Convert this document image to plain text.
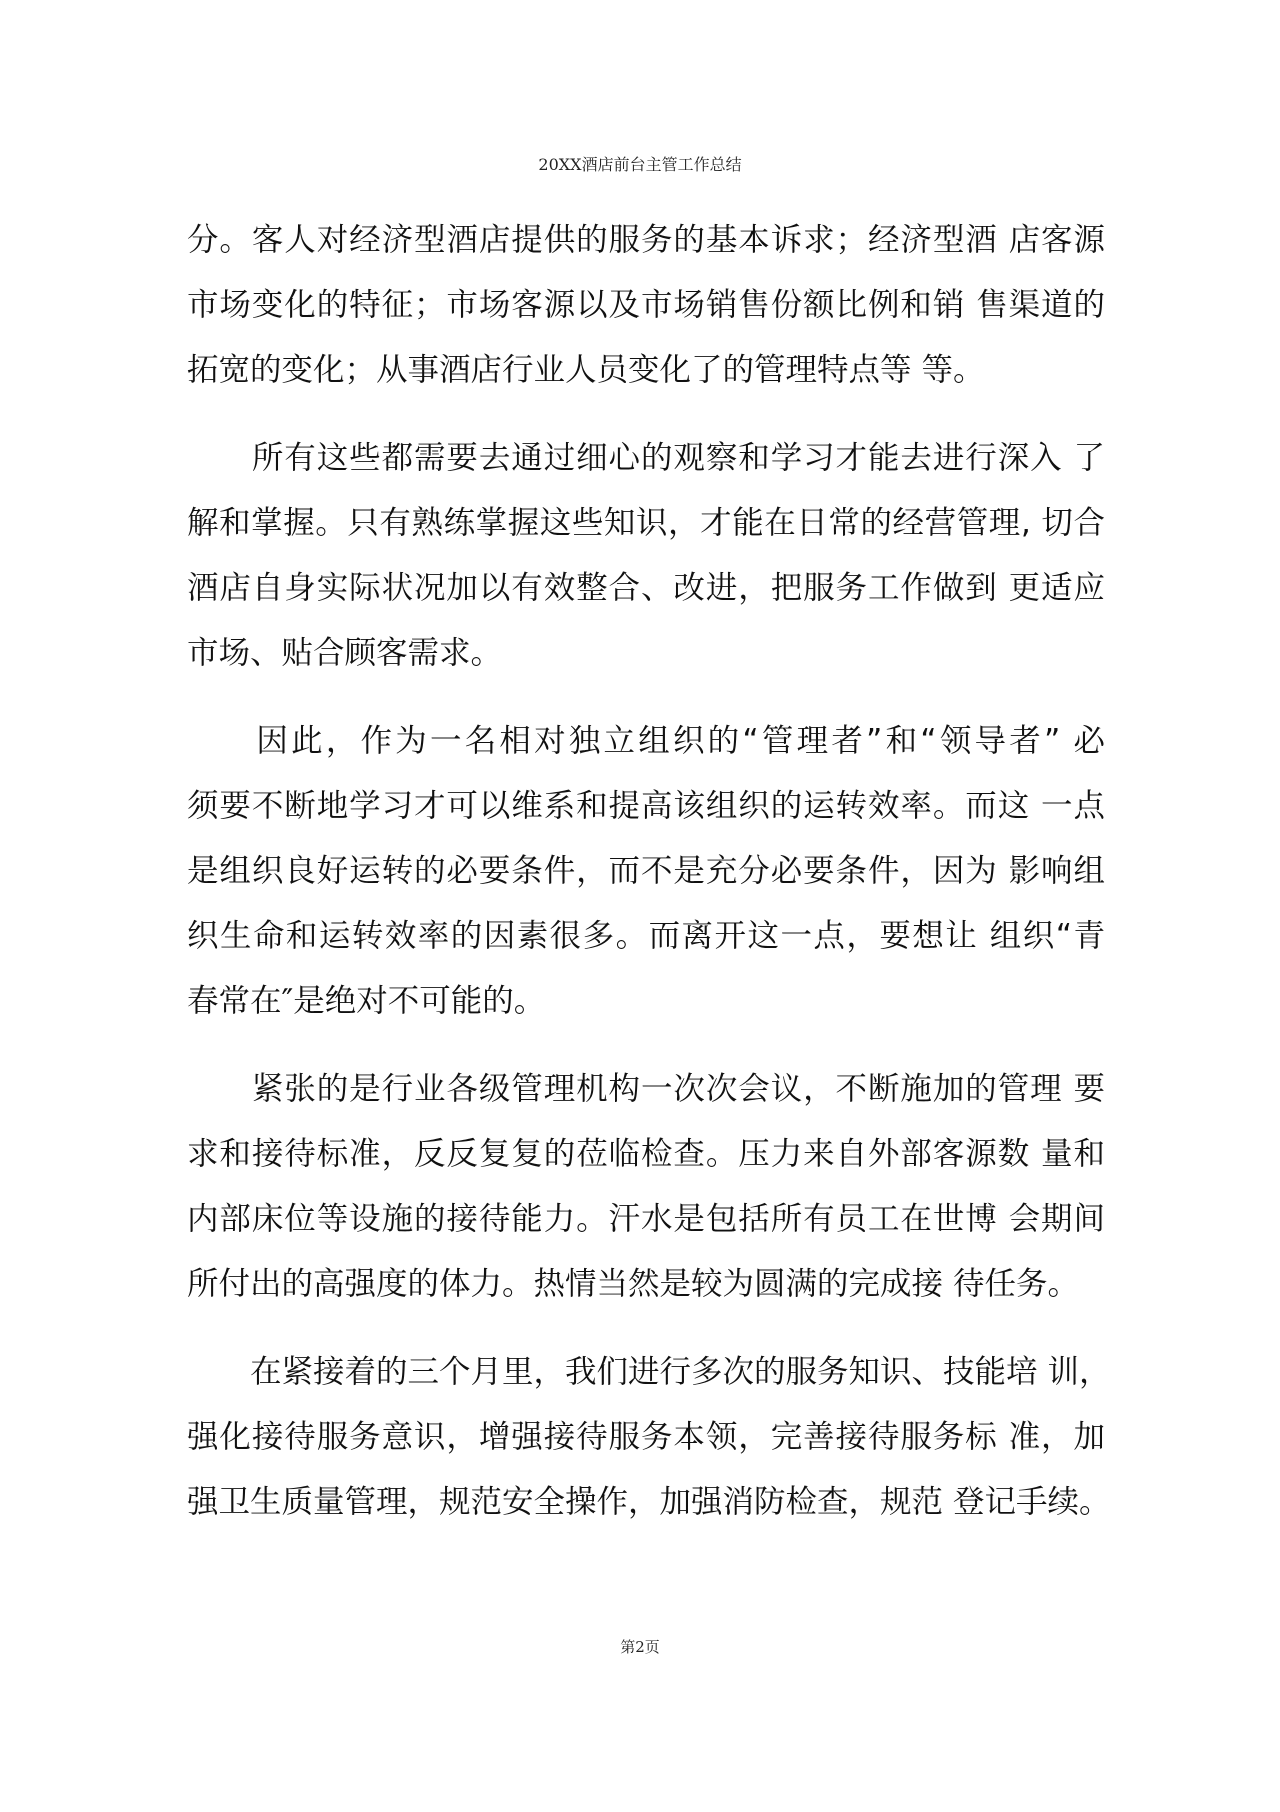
20XX酒店前台主管工作总结
分。客人对经济型酒店提供的服务的基本诉求；经济型酒 店客源
市场变化的特征；市场客源以及市场销售份额比例和销 售渠道的
拓宽的变化；从事酒店行业人员变化了的管理特点等 等。
　　所有这些都需要去通过细心的观察和学习才能去进行深入 了
解和掌握。只有熟练掌握这些知识，才能在日常的经营管理, 切合
酒店自身实际状况加以有效整合、改进，把服务工作做到 更适应
市场、贴合顾客需求。
　　因此，作为一名相对独立组织的“管理者”和“领导者” 必
须要不断地学习才可以维系和提高该组织的运转效率。而这 一点
是组织良好运转的必要条件，而不是充分必要条件，因为 影响组
织生命和运转效率的因素很多。而离开这一点，要想让 组织“青
春常在″是绝对不可能的。
　　紧张的是行业各级管理机构一次次会议，不断施加的管理 要
求和接待标准，反反复复的莅临检查。压力来自外部客源数 量和
内部床位等设施的接待能力。汗水是包括所有员工在世博 会期间
所付出的高强度的体力。热情当然是较为圆满的完成接 待任务。
　　在紧接着的三个月里，我们进行多次的服务知识、技能培 训，
强化接待服务意识，增强接待服务本领，完善接待服务标 准，加
强卫生质量管理，规范安全操作，加强消防检查，规范 登记手续。
第2页
